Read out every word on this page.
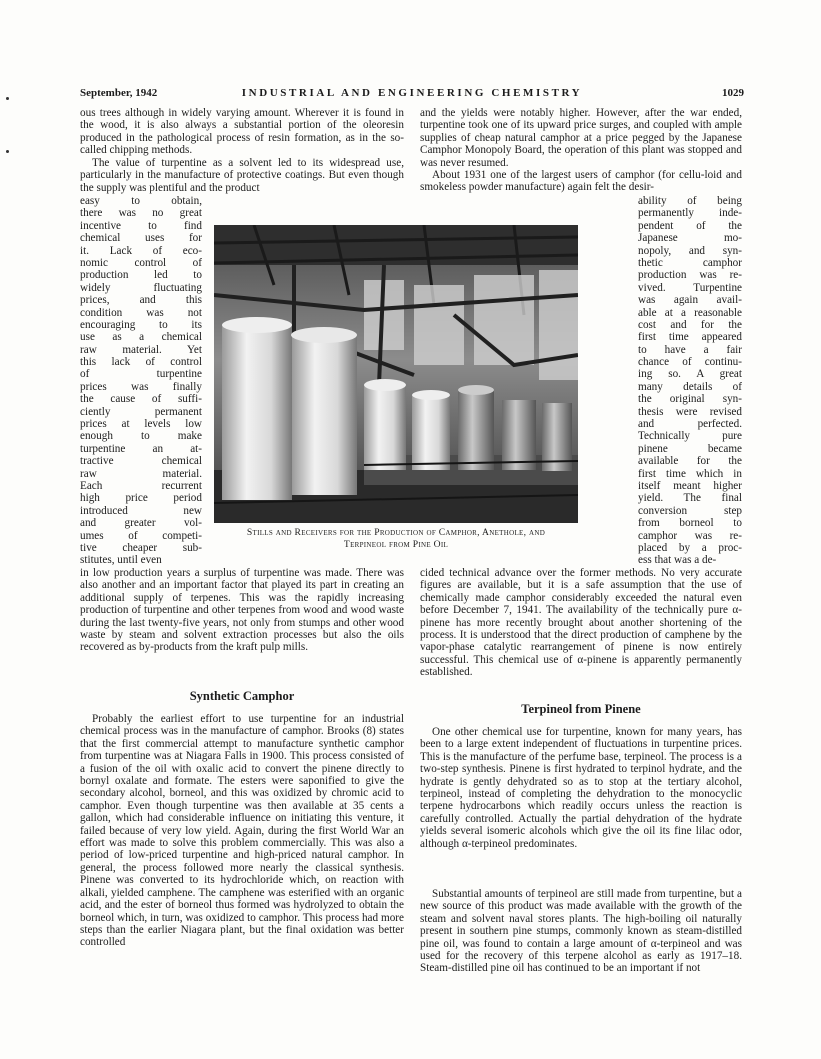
September, 1942	INDUSTRIAL AND ENGINEERING CHEMISTRY	1029

ous trees although in widely varying amount. Wherever it is found in the wood, it is also always a substantial portion of the oleoresin produced in the pathological process of resin formation, as in the so-called chipping methods.

The value of turpentine as a solvent led to its widespread use, particularly in the manufacture of protective coatings. But even though the supply was plentiful and the product

easy to obtain,
there was no great
incentive to find
chemical uses for
it. Lack of eco-
nomic control of
production led to
widely fluctuating
prices, and this
condition was not
encouraging to its
use as a chemical
raw material. Yet
this lack of control
of turpentine
prices was finally
the cause of suffi-
ciently permanent
prices at levels low
enough to make
turpentine an at-
tractive chemical
raw material.
Each recurrent
high price period
introduced new
and greater vol-
umes of competi-
tive cheaper sub-
stitutes, until even

in low production years a surplus of turpentine was made. There was also another and an important factor that played its part in creating an additional supply of terpenes. This was the rapidly increasing production of turpentine and other terpenes from wood and wood waste during the last twenty-five years, not only from stumps and other wood waste by steam and solvent extraction processes but also the oils recovered as by-products from the kraft pulp mills.

Synthetic Camphor

Probably the earliest effort to use turpentine for an industrial chemical process was in the manufacture of camphor. Brooks (8) states that the first commercial attempt to manufacture synthetic camphor from turpentine was at Niagara Falls in 1900. This process consisted of a fusion of the oil with oxalic acid to convert the pinene directly to bornyl oxalate and formate. The esters were saponified to give the secondary alcohol, borneol, and this was oxidized by chromic acid to camphor. Even though turpentine was then available at 35 cents a gallon, which had considerable influence on initiating this venture, it failed because of very low yield. Again, during the first World War an effort was made to solve this problem commercially. This was also a period of low-priced turpentine and high-priced natural camphor. In general, the process followed more nearly the classical synthesis. Pinene was converted to its hydrochloride which, on reaction with alkali, yielded camphene. The camphene was esterified with an organic acid, and the ester of borneol thus formed was hydrolyzed to obtain the borneol which, in turn, was oxidized to camphor. This process had more steps than the earlier Niagara plant, but the final oxidation was better controlled

Stills and Receivers for the Production of Camphor, Anethole, and
Terpineol from Pine Oil

and the yields were notably higher. However, after the war ended, turpentine took one of its upward price surges, and coupled with ample supplies of cheap natural camphor at a price pegged by the Japanese Camphor Monopoly Board, the operation of this plant was stopped and was never resumed.

About 1931 one of the largest users of camphor (for cellu-loid and smokeless powder manufacture) again felt the desir-

ability of being
permanently inde-
pendent of the
Japanese mo-
nopoly, and syn-
thetic camphor
production was re-
vived. Turpentine
was again avail-
able at a reasonable
cost and for the
first time appeared
to have a fair
chance of continu-
ing so. A great
many details of
the original syn-
thesis were revised
and perfected.
Technically pure
pinene became
available for the
first time which in
itself meant higher
yield. The final
conversion step
from borneol to
camphor was re-
placed by a proc-
ess that was a de-

cided technical advance over the former methods. No very accurate figures are available, but it is a safe assumption that the use of chemically made camphor considerably exceeded the natural even before December 7, 1941. The availability of the technically pure α-pinene has more recently brought about another shortening of the process. It is understood that the direct production of camphene by the vapor-phase catalytic rearrangement of pinene is now entirely successful. This chemical use of α-pinene is apparently permanently established.

Terpineol from Pinene

One other chemical use for turpentine, known for many years, has been to a large extent independent of fluctuations in turpentine prices. This is the manufacture of the perfume base, terpineol. The process is a two-step synthesis. Pinene is first hydrated to terpinol hydrate, and the hydrate is gently dehydrated so as to stop at the tertiary alcohol, terpineol, instead of completing the dehydration to the monocyclic terpene hydrocarbons which readily occurs unless the reaction is carefully controlled. Actually the partial dehydration of the hydrate yields several isomeric alcohols which give the oil its fine lilac odor, although α-terpineol predominates.

Substantial amounts of terpineol are still made from turpentine, but a new source of this product was made available with the growth of the steam and solvent naval stores plants. The high-boiling oil naturally present in southern pine stumps, commonly known as steam-distilled pine oil, was found to contain a large amount of α-terpineol and was used for the recovery of this terpene alcohol as early as 1917–18. Steam-distilled pine oil has continued to be an important if not
